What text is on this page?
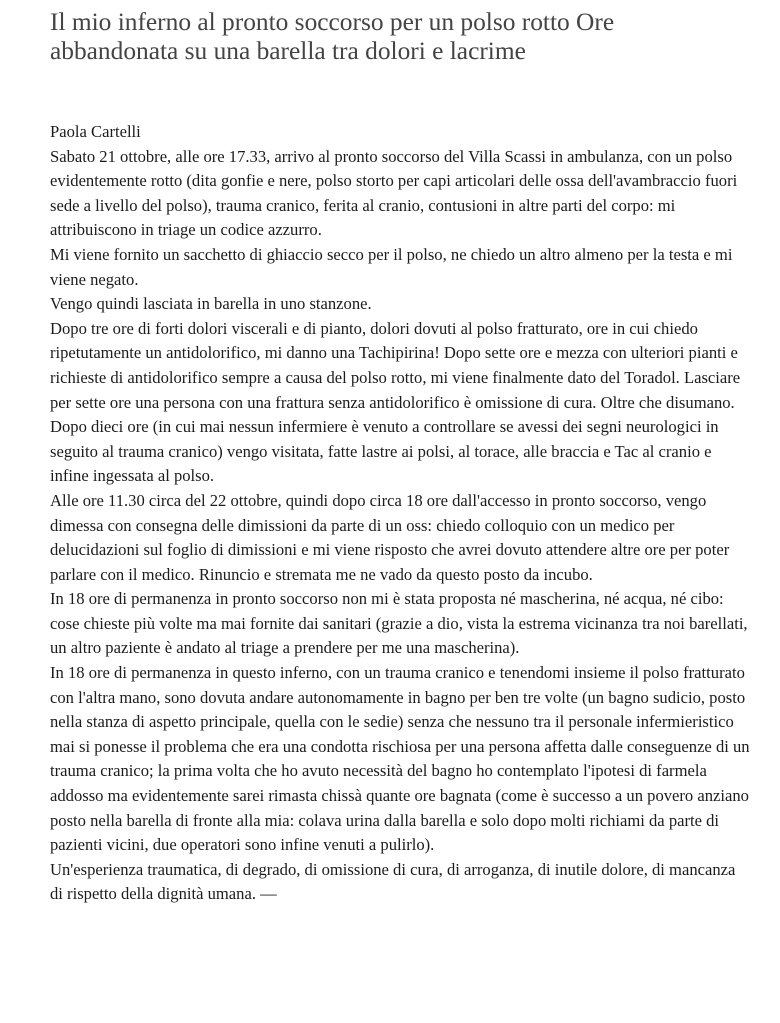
Il mio inferno al pronto soccorso per un polso rotto Ore abbandonata su una barella tra dolori e lacrime

Paola Cartelli

Sabato 21 ottobre, alle ore 17.33, arrivo al pronto soccorso del Villa Scassi in ambulanza, con un polso evidentemente rotto (dita gonfie e nere, polso storto per capi articolari delle ossa dell'avambraccio fuori sede a livello del polso), trauma cranico, ferita al cranio, contusioni in altre parti del corpo: mi attribuiscono in triage un codice azzurro.

Mi viene fornito un sacchetto di ghiaccio secco per il polso, ne chiedo un altro almeno per la testa e mi viene negato.

Vengo quindi lasciata in barella in uno stanzone.

Dopo tre ore di forti dolori viscerali e di pianto, dolori dovuti al polso fratturato, ore in cui chiedo ripetutamente un antidolorifico, mi danno una Tachipirina! Dopo sette ore e mezza con ulteriori pianti e richieste di antidolorifico sempre a causa del polso rotto, mi viene finalmente dato del Toradol. Lasciare per sette ore una persona con una frattura senza antidolorifico è omissione di cura. Oltre che disumano. Dopo dieci ore (in cui mai nessun infermiere è venuto a controllare se avessi dei segni neurologici in seguito al trauma cranico) vengo visitata, fatte lastre ai polsi, al torace, alle braccia e Tac al cranio e infine ingessata al polso.

Alle ore 11.30 circa del 22 ottobre, quindi dopo circa 18 ore dall'accesso in pronto soccorso, vengo dimessa con consegna delle dimissioni da parte di un oss: chiedo colloquio con un medico per delucidazioni sul foglio di dimissioni e mi viene risposto che avrei dovuto attendere altre ore per poter parlare con il medico. Rinuncio e stremata me ne vado da questo posto da incubo.

In 18 ore di permanenza in pronto soccorso non mi è stata proposta né mascherina, né acqua, né cibo: cose chieste più volte ma mai fornite dai sanitari (grazie a dio, vista la estrema vicinanza tra noi barellati, un altro paziente è andato al triage a prendere per me una mascherina).

In 18 ore di permanenza in questo inferno, con un trauma cranico e tenendomi insieme il polso fratturato con l'altra mano, sono dovuta andare autonomamente in bagno per ben tre volte (un bagno sudicio, posto nella stanza di aspetto principale, quella con le sedie) senza che nessuno tra il personale infermieristico mai si ponesse il problema che era una condotta rischiosa per una persona affetta dalle conseguenze di un trauma cranico; la prima volta che ho avuto necessità del bagno ho contemplato l'ipotesi di farmela addosso ma evidentemente sarei rimasta chissà quante ore bagnata (come è successo a un povero anziano posto nella barella di fronte alla mia: colava urina dalla barella e solo dopo molti richiami da parte di pazienti vicini, due operatori sono infine venuti a pulirlo).

Un'esperienza traumatica, di degrado, di omissione di cura, di arroganza, di inutile dolore, di mancanza di rispetto della dignità umana. —
